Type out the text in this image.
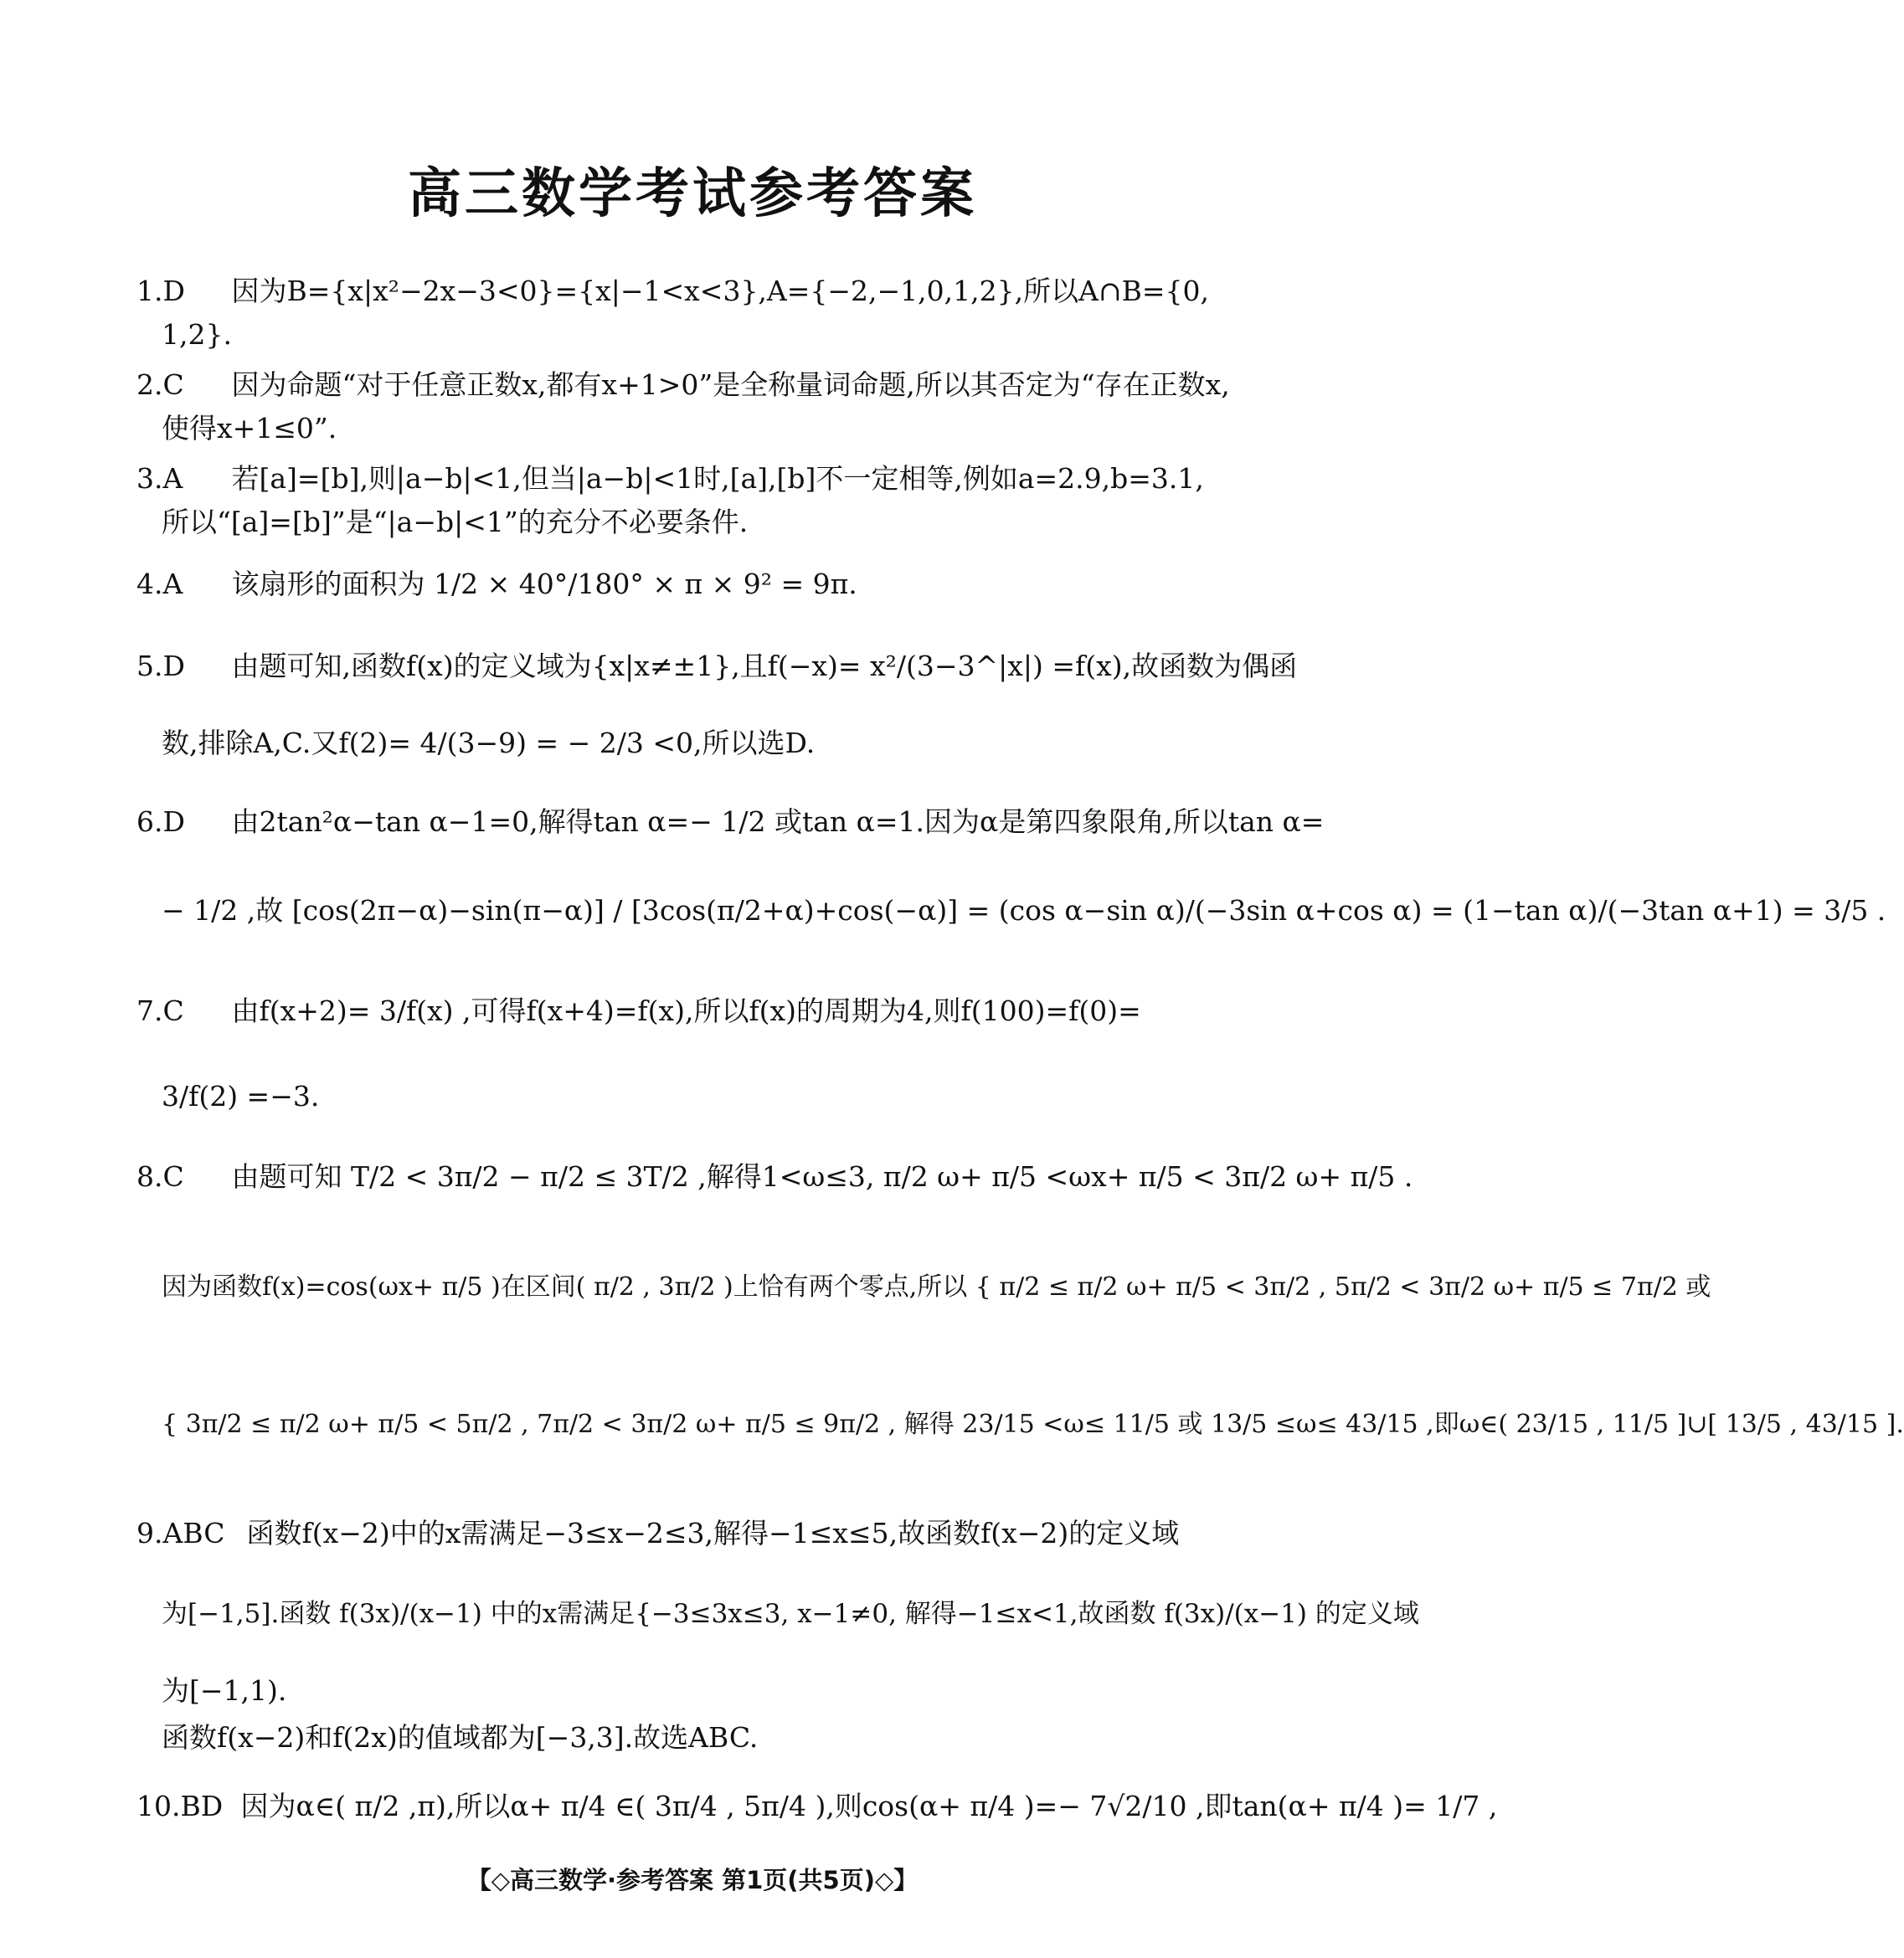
高三数学考试参考答案
1.D 因为B={x|x²−2x−3<0}={x|−1<x<3},A={−2,−1,0,1,2},所以A∩B={0,
1,2}.
2.C 因为命题“对于任意正数x,都有x+1>0”是全称量词命题,所以其否定为“存在正数x,
使得x+1≤0”.
3.A 若[a]=[b],则|a−b|<1,但当|a−b|<1时,[a],[b]不一定相等,例如a=2.9,b=3.1,
所以“[a]=[b]”是“|a−b|<1”的充分不必要条件.
4.A 该扇形的面积为 1/2 × 40°/180° × π × 9² = 9π.
5.D 由题可知,函数f(x)的定义域为{x|x≠±1},且f(−x)= x²/(3−3^|x|) =f(x),故函数为偶函
数,排除A,C.又f(2)= 4/(3−9) = − 2/3 <0,所以选D.
6.D 由2tan²α−tan α−1=0,解得tan α=− 1/2 或tan α=1.因为α是第四象限角,所以tan α=
− 1/2 ,故 [cos(2π−α)−sin(π−α)] / [3cos(π/2+α)+cos(−α)] = (cos α−sin α)/(−3sin α+cos α) = (1−tan α)/(−3tan α+1) = 3/5 .
7.C 由f(x+2)= 3/f(x) ,可得f(x+4)=f(x),所以f(x)的周期为4,则f(100)=f(0)=
3/f(2) =−3.
8.C 由题可知 T/2 < 3π/2 − π/2 ≤ 3T/2 ,解得1<ω≤3, π/2 ω+ π/5 <ωx+ π/5 < 3π/2 ω+ π/5 .
因为函数f(x)=cos(ωx+ π/5 )在区间( π/2 , 3π/2 )上恰有两个零点,所以 { π/2 ≤ π/2 ω+ π/5 < 3π/2 , 5π/2 < 3π/2 ω+ π/5 ≤ 7π/2 或
{ 3π/2 ≤ π/2 ω+ π/5 < 5π/2 , 7π/2 < 3π/2 ω+ π/5 ≤ 9π/2 , 解得 23/15 <ω≤ 11/5 或 13/5 ≤ω≤ 43/15 ,即ω∈( 23/15 , 11/5 ]∪[ 13/5 , 43/15 ].
9.ABC 函数f(x−2)中的x需满足−3≤x−2≤3,解得−1≤x≤5,故函数f(x−2)的定义域
为[−1,5].函数 f(3x)/(x−1) 中的x需满足{−3≤3x≤3, x−1≠0, 解得−1≤x<1,故函数 f(3x)/(x−1) 的定义域
为[−1,1).
函数f(x−2)和f(2x)的值域都为[−3,3].故选ABC.
10.BD 因为α∈( π/2 ,π),所以α+ π/4 ∈( 3π/4 , 5π/4 ),则cos(α+ π/4 )=− 7√2/10 ,即tan(α+ π/4 )= 1/7 ,
【◇高三数学·参考答案 第1页(共5页)◇】
